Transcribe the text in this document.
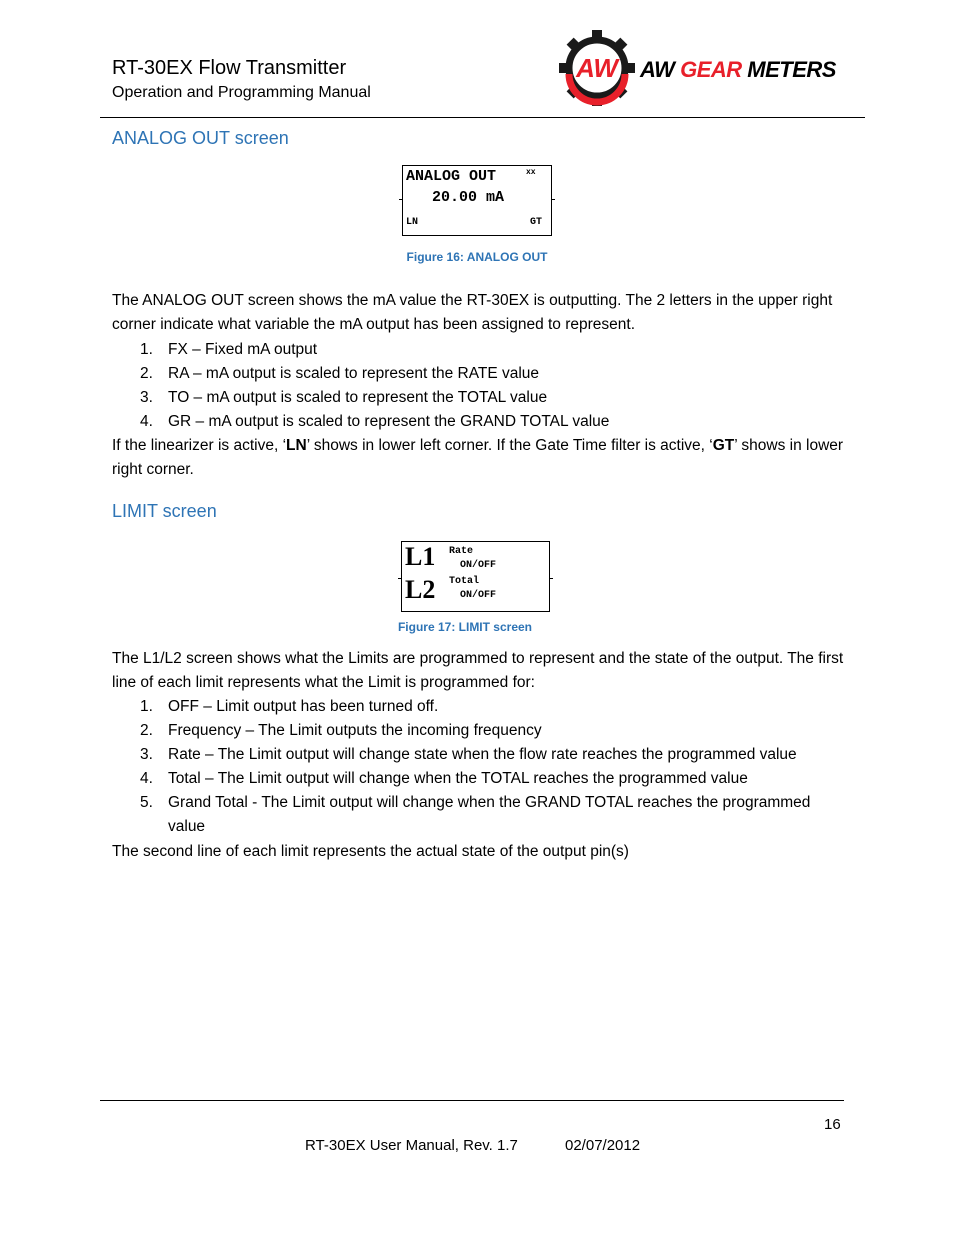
RT-30EX Flow Transmitter
Operation and Programming Manual
AW AW GEAR METERS
ANALOG OUT screen
ANALOG OUT	xx
20.00 mA
LN	GT
Figure 16: ANALOG OUT
The ANALOG OUT screen shows the mA value the RT-30EX is outputting. The 2 letters in the upper right corner indicate what variable the mA output has been assigned to represent.
1. FX – Fixed mA output
2. RA – mA output is scaled to represent the RATE value
3. TO – mA output is scaled to represent the TOTAL value
4. GR – mA output is scaled to represent the GRAND TOTAL value
If the linearizer is active, ‘LN’ shows in lower left corner. If the Gate Time filter is active, ‘GT’ shows in lower right corner.
LIMIT screen
L1 Rate
ON/OFF
L2 Total
ON/OFF
Figure 17: LIMIT screen
The L1/L2 screen shows what the Limits are programmed to represent and the state of the output. The first line of each limit represents what the Limit is programmed for:
1. OFF – Limit output has been turned off.
2. Frequency – The Limit outputs the incoming frequency
3. Rate – The Limit output will change state when the flow rate reaches the programmed value
4. Total – The Limit output will change when the TOTAL reaches the programmed value
5. Grand Total - The Limit output will change when the GRAND TOTAL reaches the programmed value
The second line of each limit represents the actual state of the output pin(s)
16
RT-30EX User Manual, Rev. 1.7	02/07/2012
